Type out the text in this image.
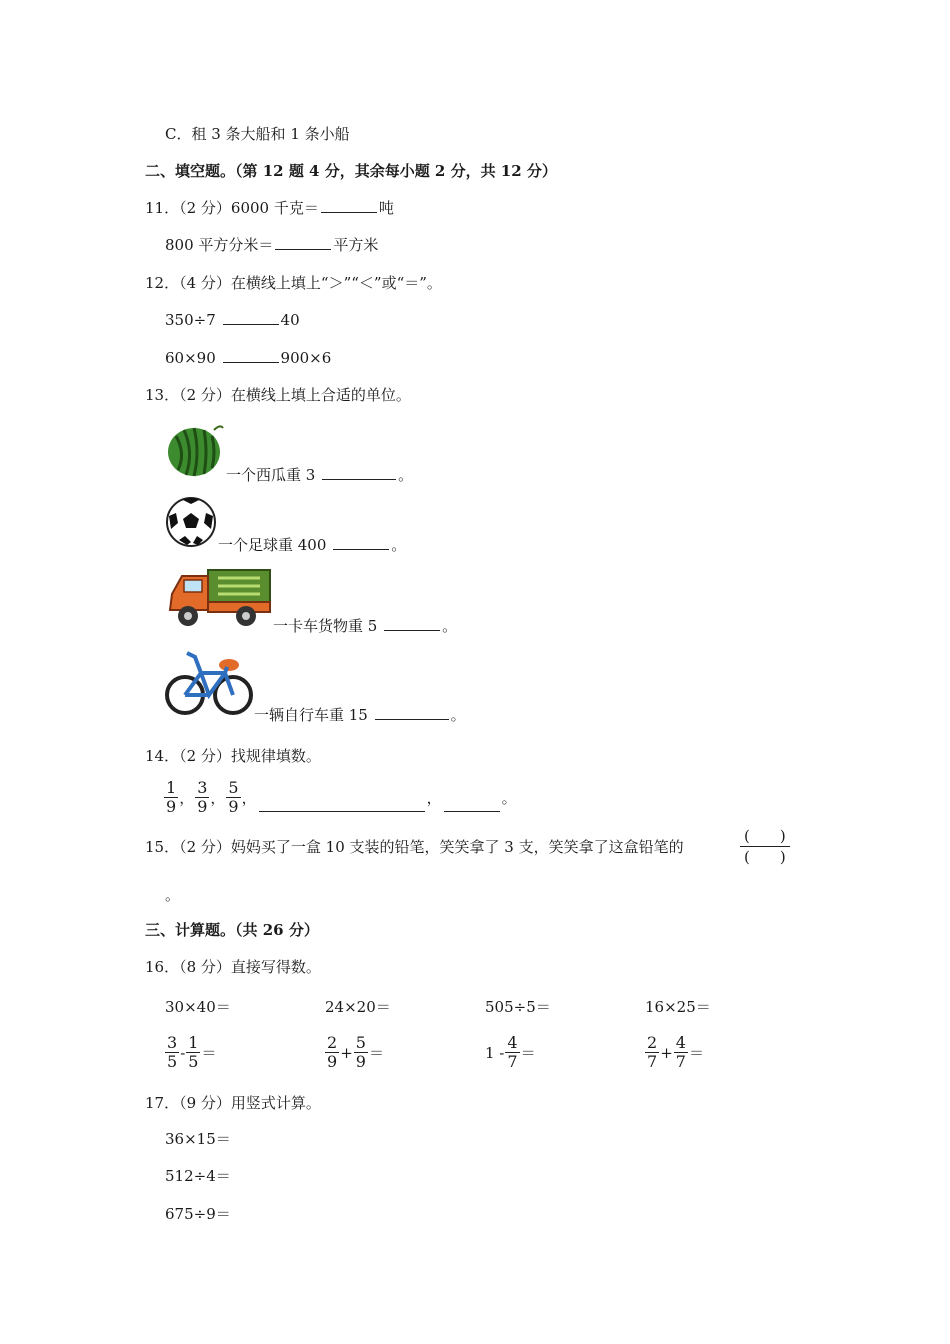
C．租 3 条大船和 1 条小船
二、填空题。（第 12 题 4 分，其余每小题 2 分，共 12 分）
11．（2 分）6000 千克＝	吨
800 平方分米＝	平方米
12．（4 分）在横线上填上“＞”“＜”或“＝”。
350÷7	40
60×90	900×6
13．（2 分）在横线上填上合适的单位。
一个西瓜重 3	。
一个足球重 400	。
一卡车货物重 5	。
一辆自行车重 15	。
14．（2 分）找规律填数。
$\frac{1}{9}$ ， $\frac{3}{9}$ ， $\frac{5}{9}$ ，	，	。
15．（2 分）妈妈买了一盒 10 支装的铅笔，笑笑拿了 3 支，笑笑拿了这盒铅笔的
(　　)
(　　)
。
三、计算题。（共 26 分）
16．（8 分）直接写得数。
30×40＝	24×20＝	505÷5＝	16×25＝
$\frac{3}{5} - \frac{1}{5}$ ＝	$\frac{2}{9} + \frac{5}{9}$ ＝	$1 - \frac{4}{7}$ ＝	$\frac{2}{7} + \frac{4}{7}$ ＝
17．（9 分）用竖式计算。
36×15＝
512÷4＝
675÷9＝
